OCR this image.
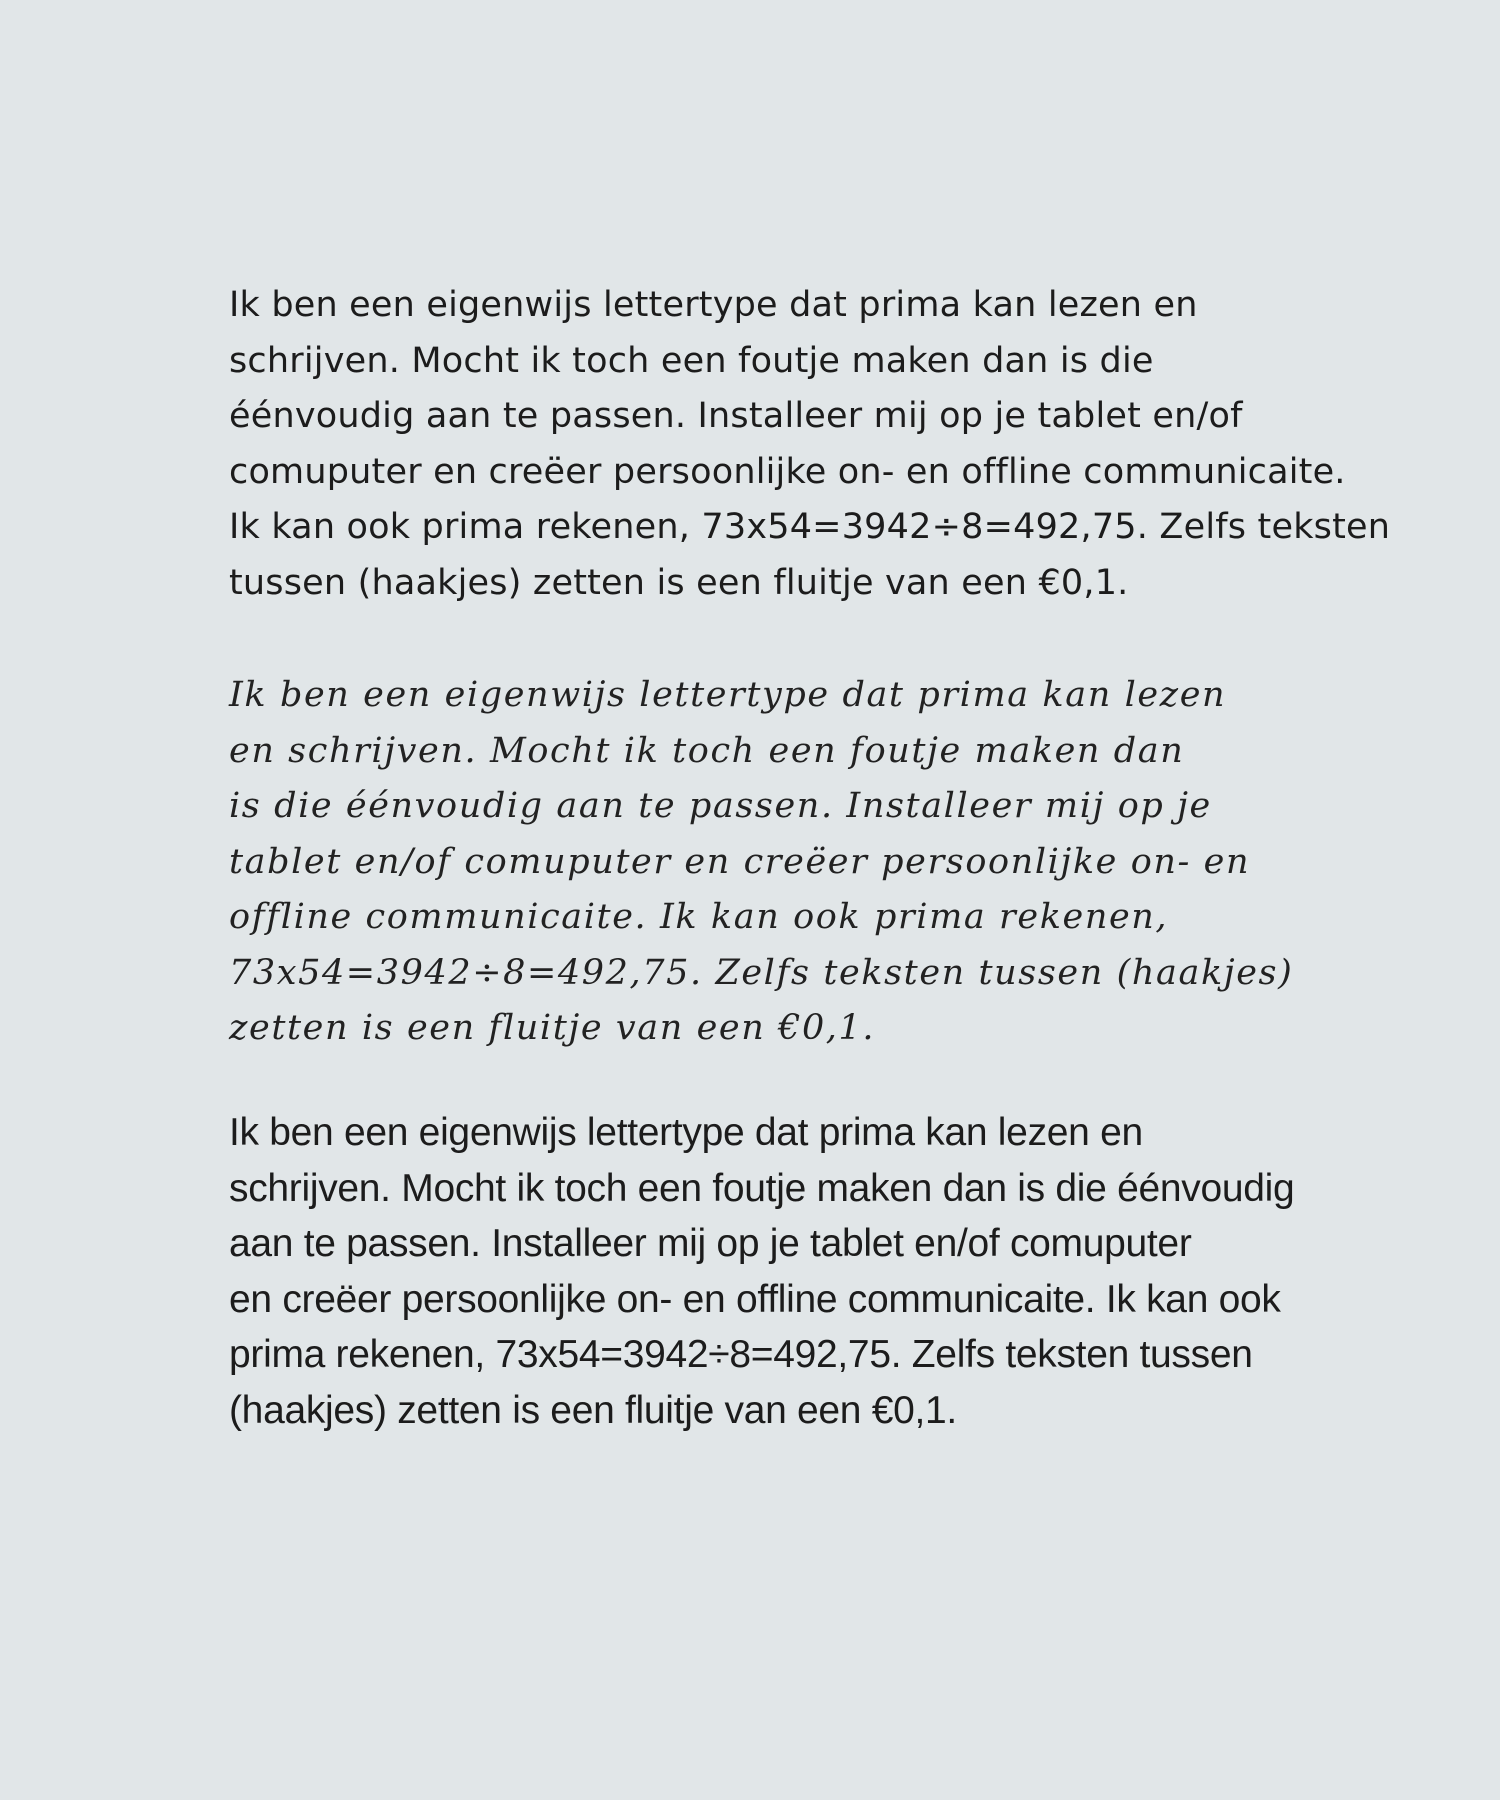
Ik ben een eigenwijs lettertype dat prima kan lezen en
schrijven. Mocht ik toch een foutje maken dan is die
éénvoudig aan te passen. Installeer mij op je tablet en/of
comuputer en creëer persoonlijke on- en offline communicaite.
Ik kan ook prima rekenen, 73x54=3942÷8=492,75. Zelfs teksten
tussen (haakjes) zetten is een fluitje van een €0,1.

Ik ben een eigenwijs lettertype dat prima kan lezen
en schrijven. Mocht ik toch een foutje maken dan
is die éénvoudig aan te passen. Installeer mij op je
tablet en/of comuputer en creëer persoonlijke on- en
offline communicaite. Ik kan ook prima rekenen,
73x54=3942÷8=492,75. Zelfs teksten tussen (haakjes)
zetten is een fluitje van een €0,1.

Ik ben een eigenwijs lettertype dat prima kan lezen en
schrijven. Mocht ik toch een foutje maken dan is die éénvoudig
aan te passen. Installeer mij op je tablet en/of comuputer
en creëer persoonlijke on- en offline communicaite. Ik kan ook
prima rekenen, 73x54=3942÷8=492,75. Zelfs teksten tussen
(haakjes) zetten is een fluitje van een €0,1.
